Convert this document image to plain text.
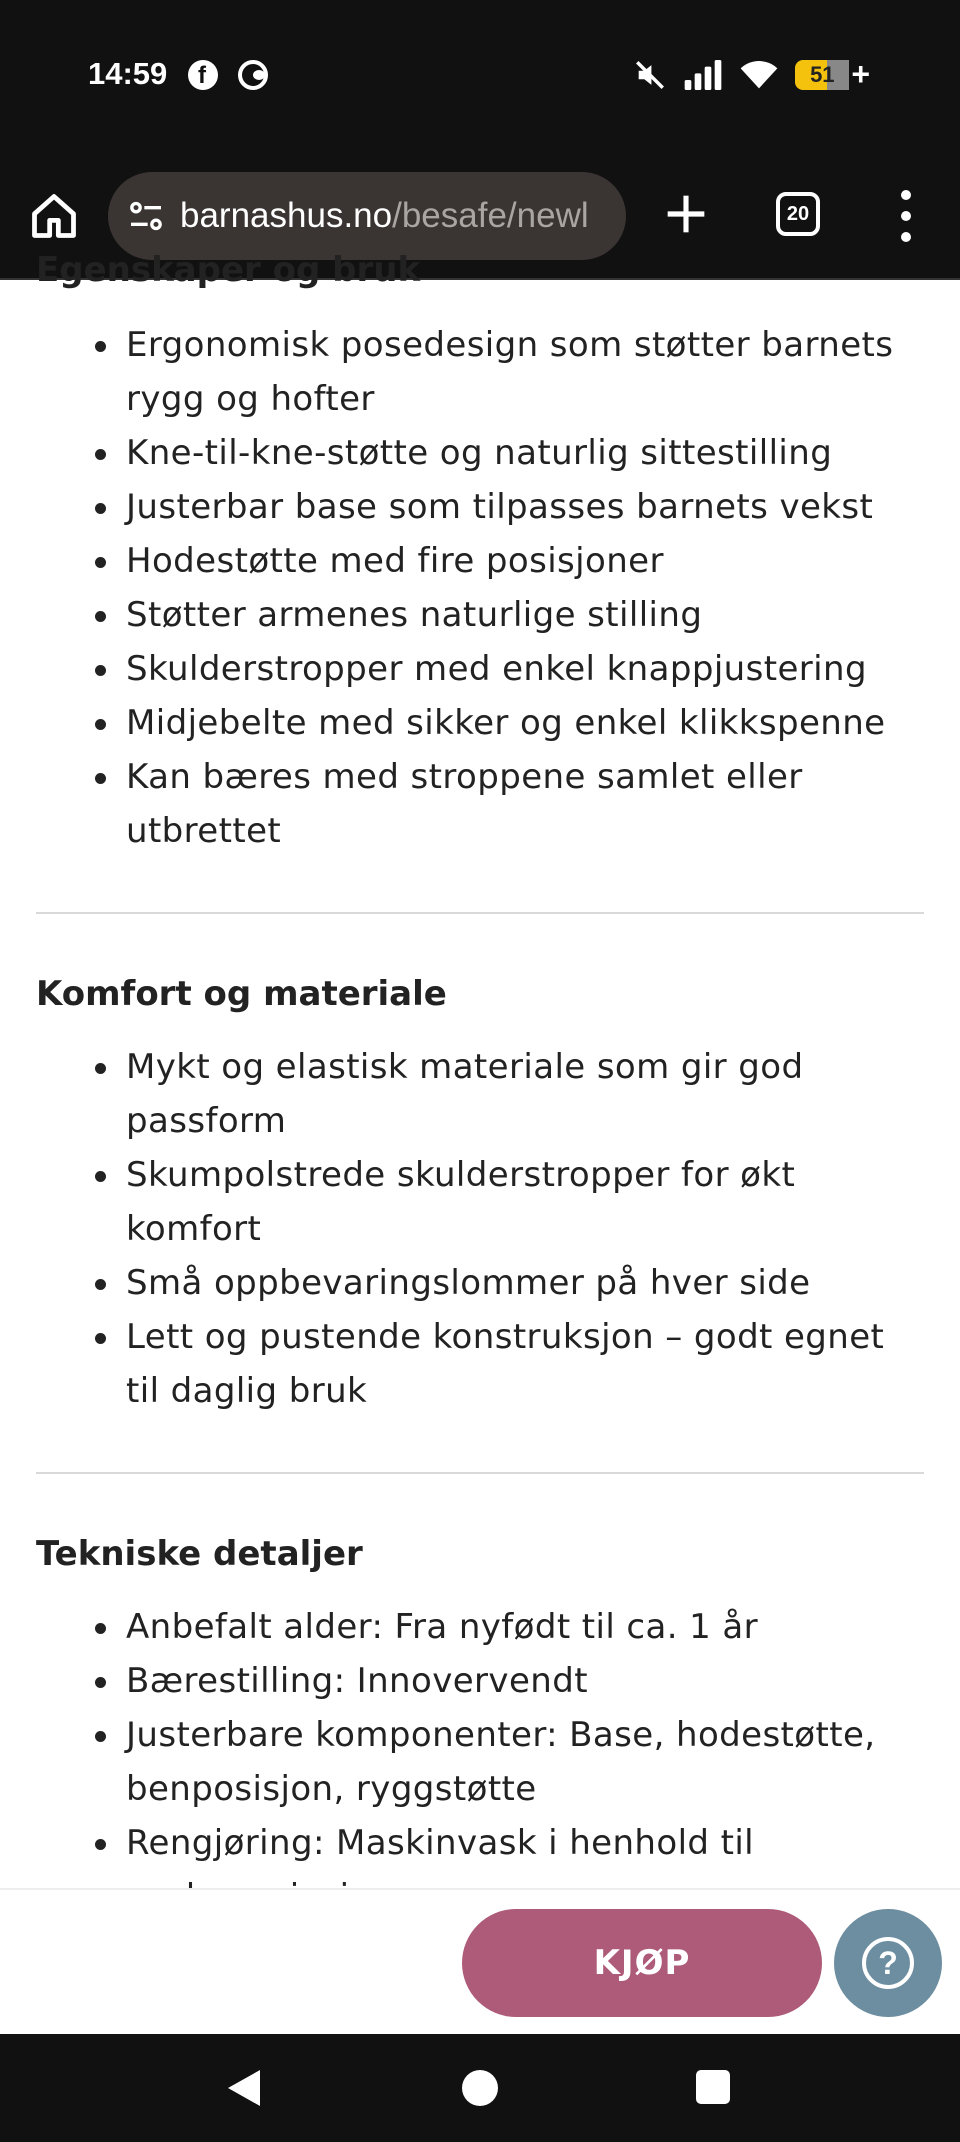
14:59 f	51 +
barnashus.no/besafe/newl	20
Egenskaper og bruk
Ergonomisk posedesign som støtter barnets rygg og hofter
Kne-til-kne-støtte og naturlig sittestilling
Justerbar base som tilpasses barnets vekst
Hodestøtte med fire posisjoner
Støtter armenes naturlige stilling
Skulderstropper med enkel knappjustering
Midjebelte med sikker og enkel klikkspenne
Kan bæres med stroppene samlet eller utbrettet
Komfort og materiale
Mykt og elastisk materiale som gir god passform
Skumpolstrede skulderstropper for økt komfort
Små oppbevaringslommer på hver side
Lett og pustende konstruksjon – godt egnet til daglig bruk
Tekniske detaljer
Anbefalt alder: Fra nyfødt til ca. 1 år
Bærestilling: Innovervendt
Justerbare komponenter: Base, hodestøtte, benposisjon, ryggstøtte
Rengjøring: Maskinvask i henhold til
KJØP	?
